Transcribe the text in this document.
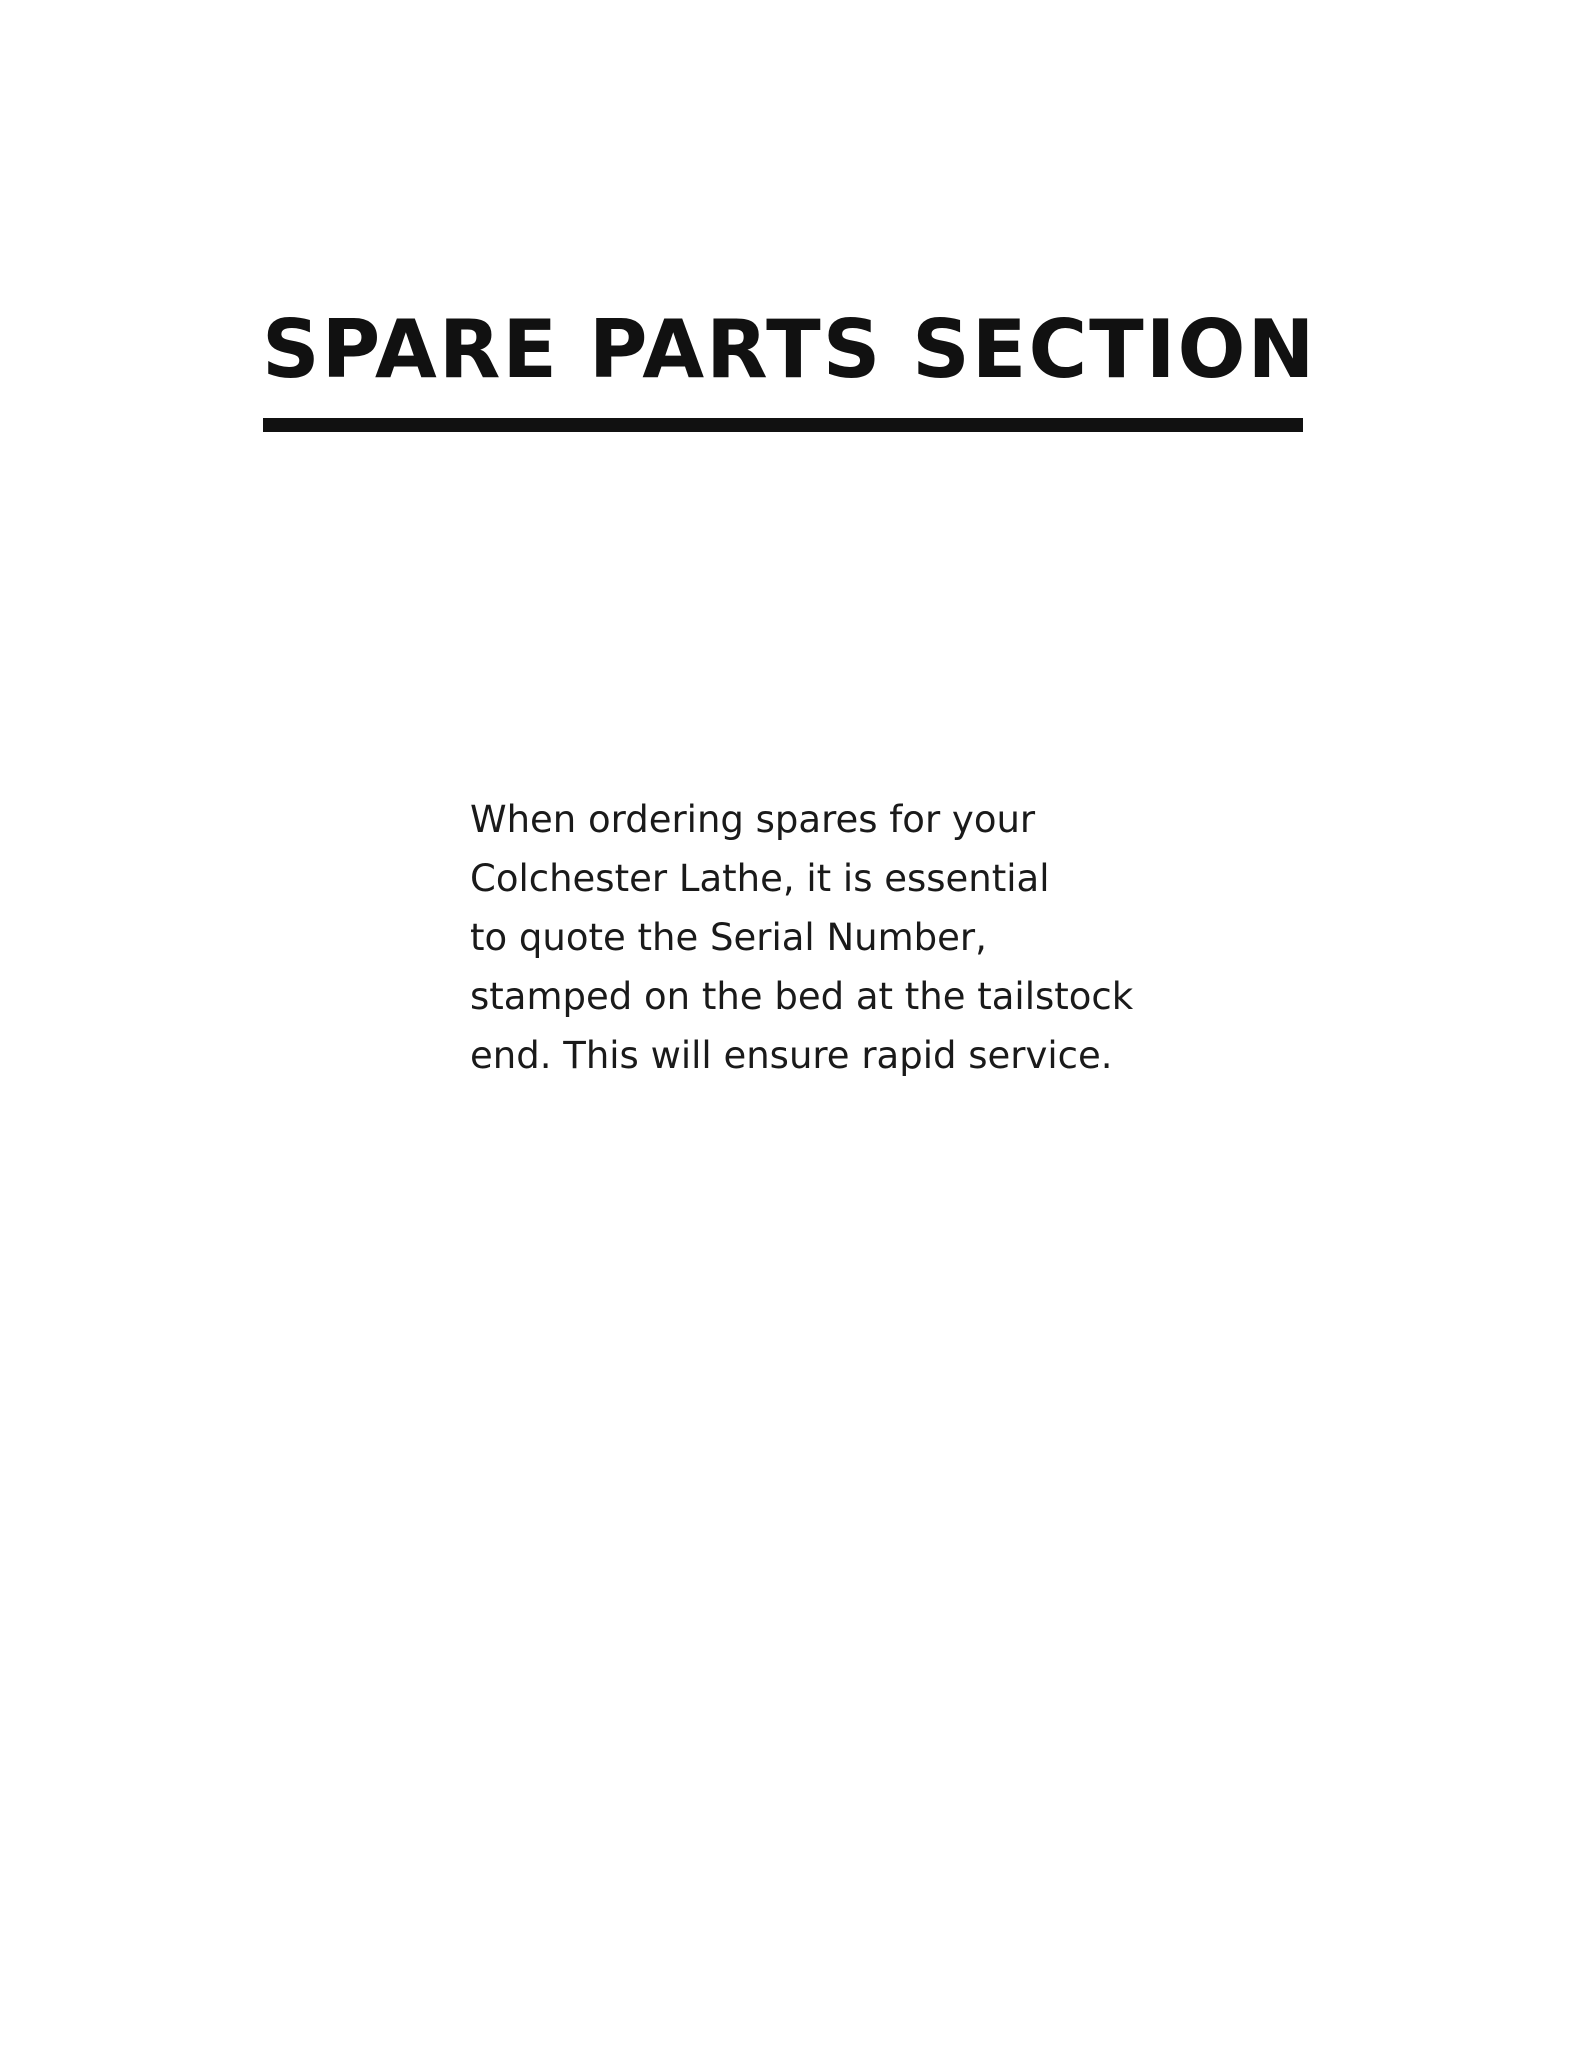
SPARE PARTS SECTION

When ordering spares for your
Colchester Lathe, it is essential
to quote the Serial Number,
stamped on the bed at the tailstock
end. This will ensure rapid service.
